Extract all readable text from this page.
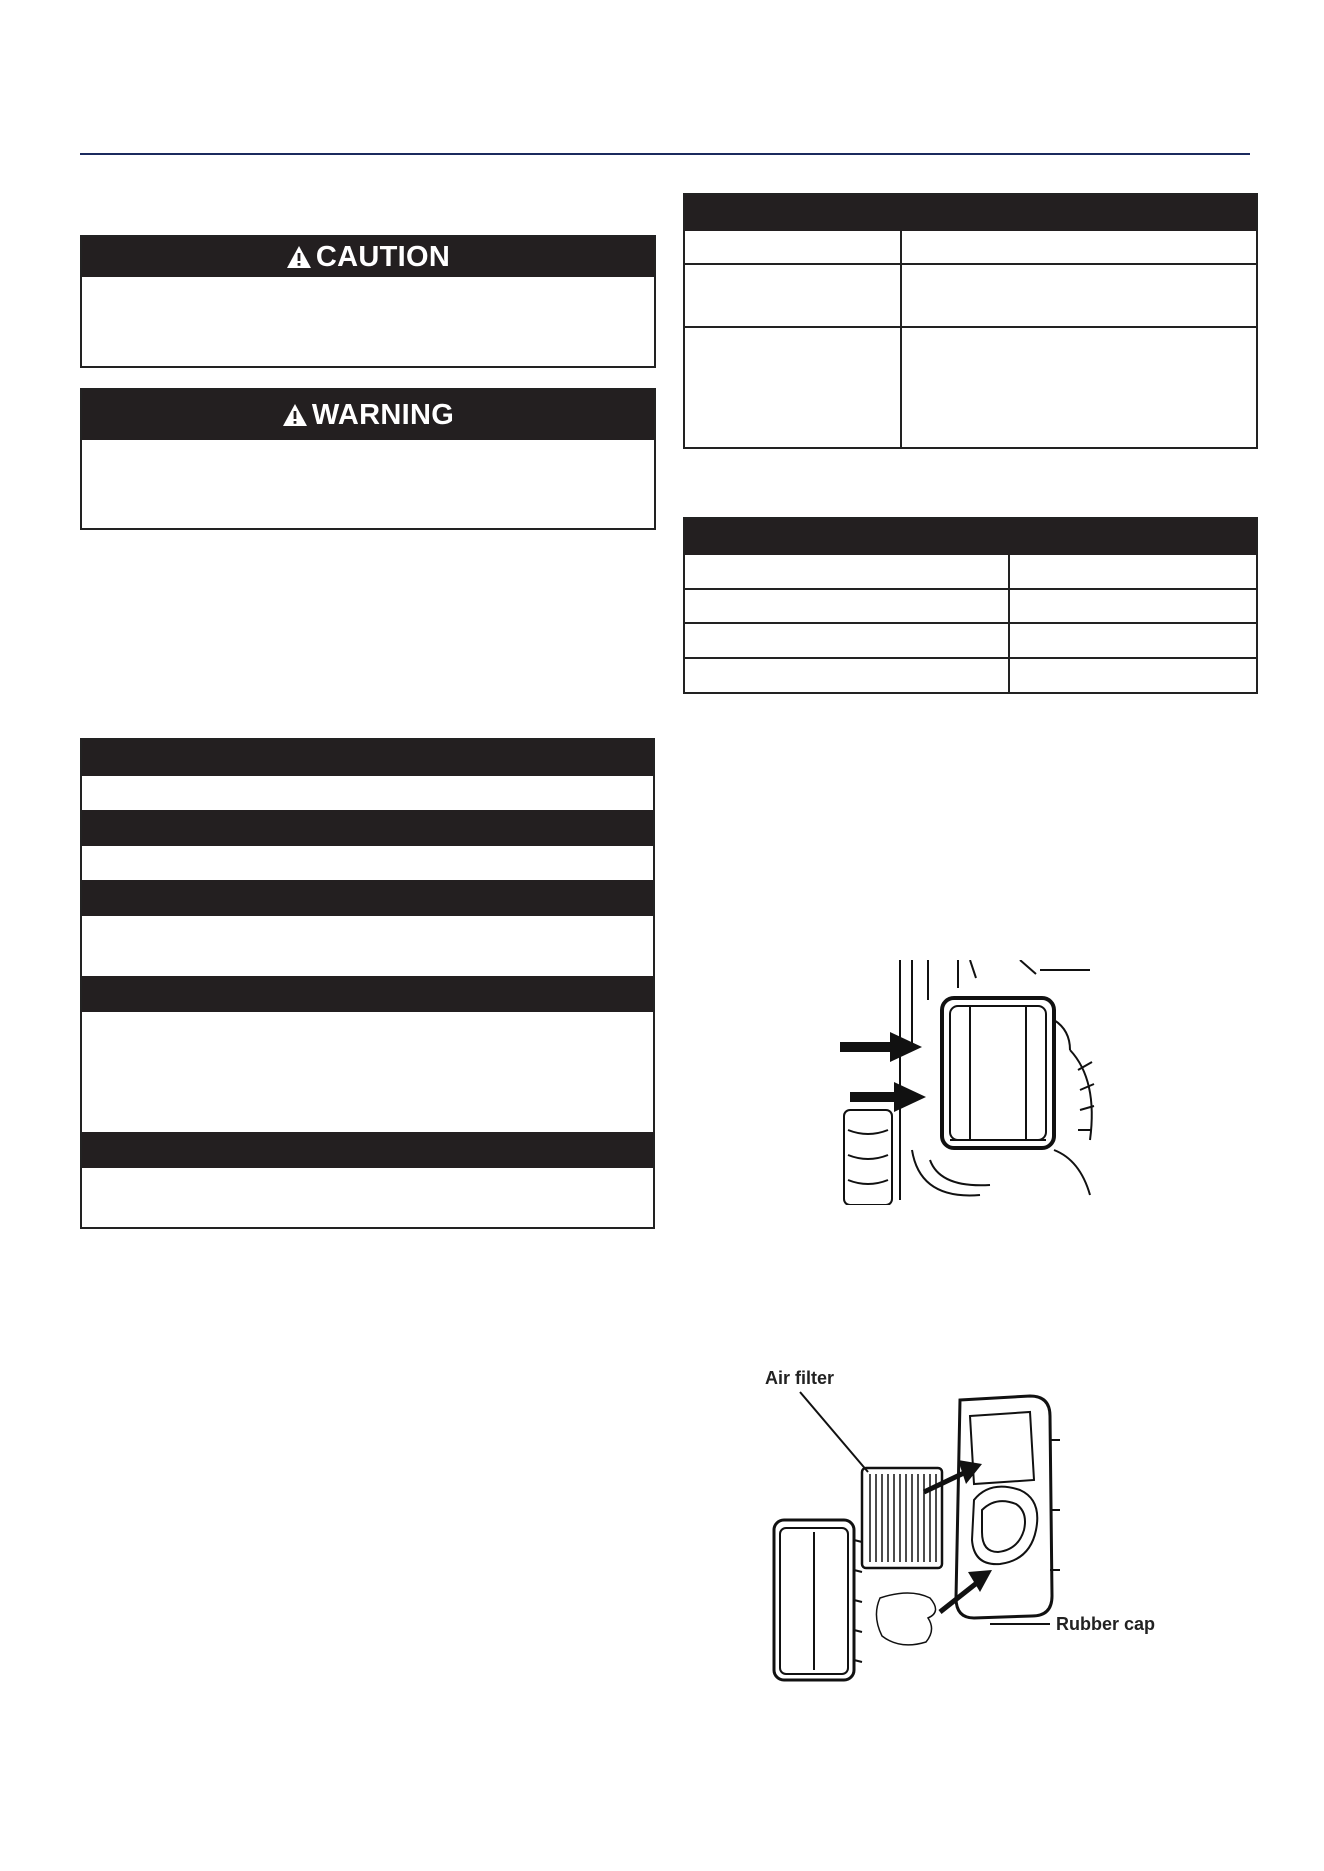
CAUTION
WARNING
Air filter
Rubber cap
